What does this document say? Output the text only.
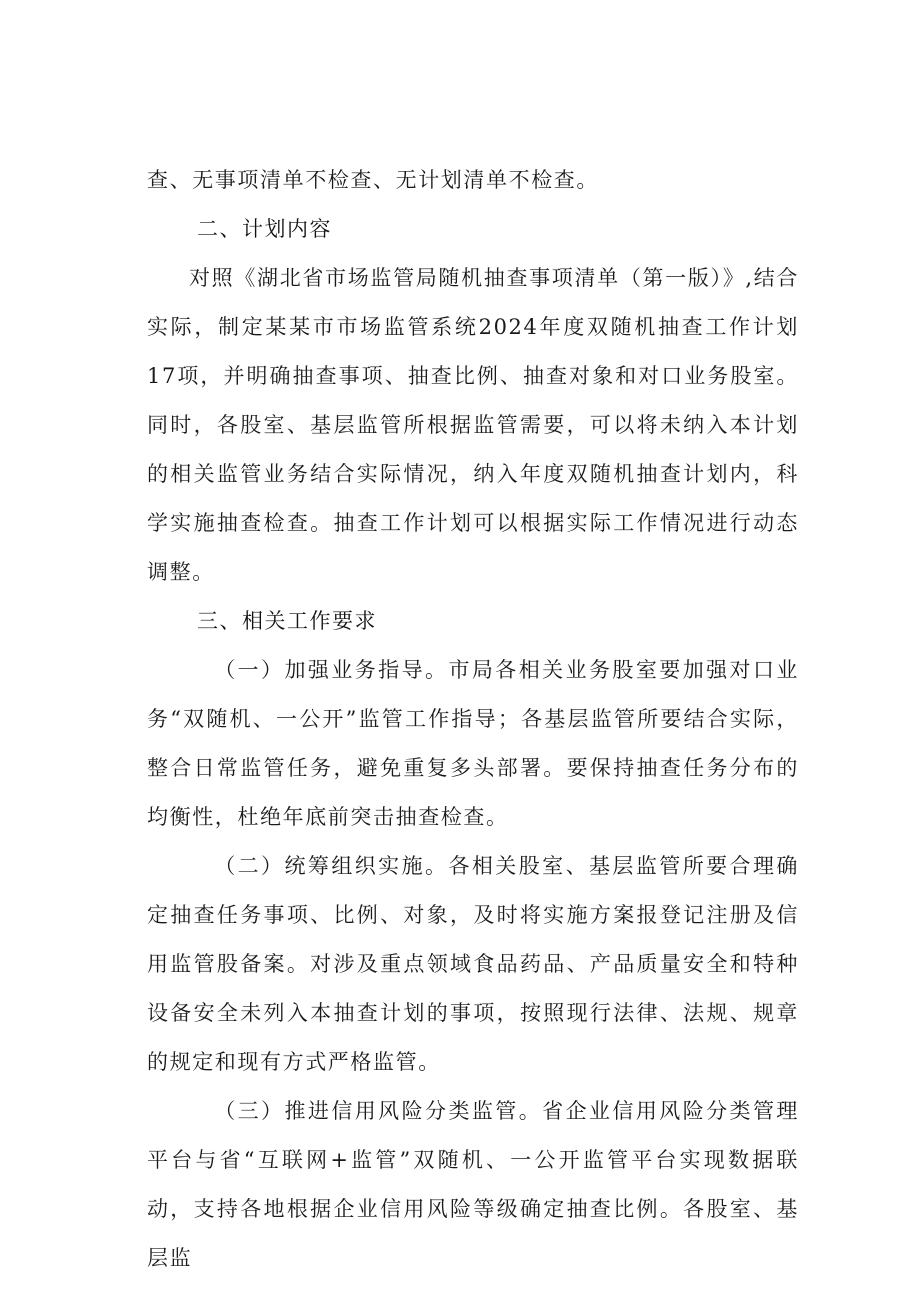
查、无事项清单不检查、无计划清单不检查。

二、计划内容

对照《湖北省市场监管局随机抽查事项清单（第一版）》,结合实际，制定某某市市场监管系统2024年度双随机抽查工作计划17项，并明确抽查事项、抽查比例、抽查对象和对口业务股室。同时，各股室、基层监管所根据监管需要，可以将未纳入本计划的相关监管业务结合实际情况，纳入年度双随机抽查计划内，科学实施抽查检查。抽查工作计划可以根据实际工作情况进行动态调整。

三、相关工作要求

（一）加强业务指导。市局各相关业务股室要加强对口业务“双随机、一公开”监管工作指导；各基层监管所要结合实际，整合日常监管任务，避免重复多头部署。要保持抽查任务分布的均衡性，杜绝年底前突击抽查检查。

（二）统筹组织实施。各相关股室、基层监管所要合理确定抽查任务事项、比例、对象，及时将实施方案报登记注册及信用监管股备案。对涉及重点领域食品药品、产品质量安全和特种设备安全未列入本抽查计划的事项，按照现行法律、法规、规章的规定和现有方式严格监管。

（三）推进信用风险分类监管。省企业信用风险分类管理平台与省“互联网+监管”双随机、一公开监管平台实现数据联动，支持各地根据企业信用风险等级确定抽查比例。各股室、基层监
